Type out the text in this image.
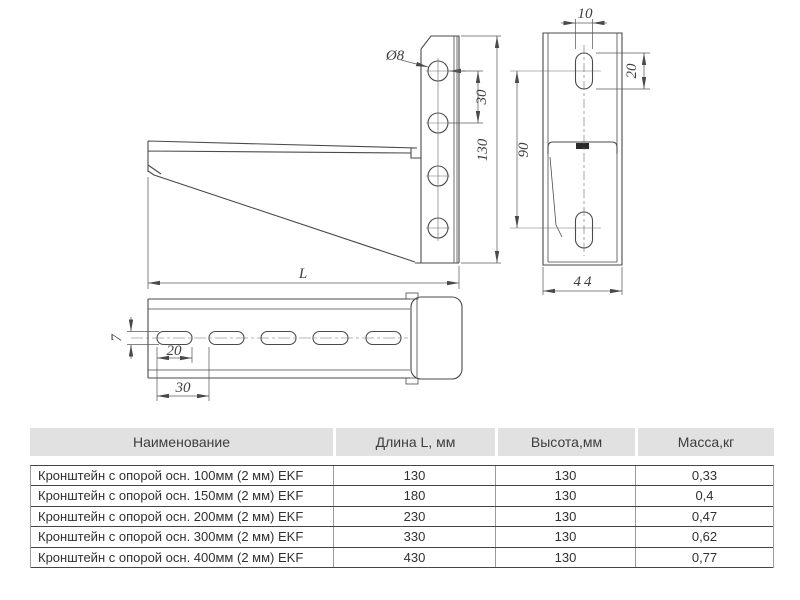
Ø8
30
130
L
10
20
90
44
7
20
30
Наименование	Длина L, мм	Высота,мм	Масса,кг
Кронштейн с опорой осн. 100мм (2 мм) EKF	130	130	0,33
Кронштейн с опорой осн. 150мм (2 мм) EKF	180	130	0,4
Кронштейн с опорой осн. 200мм (2 мм) EKF	230	130	0,47
Кронштейн с опорой осн. 300мм (2 мм) EKF	330	130	0,62
Кронштейн с опорой осн. 400мм (2 мм) EKF	430	130	0,77
